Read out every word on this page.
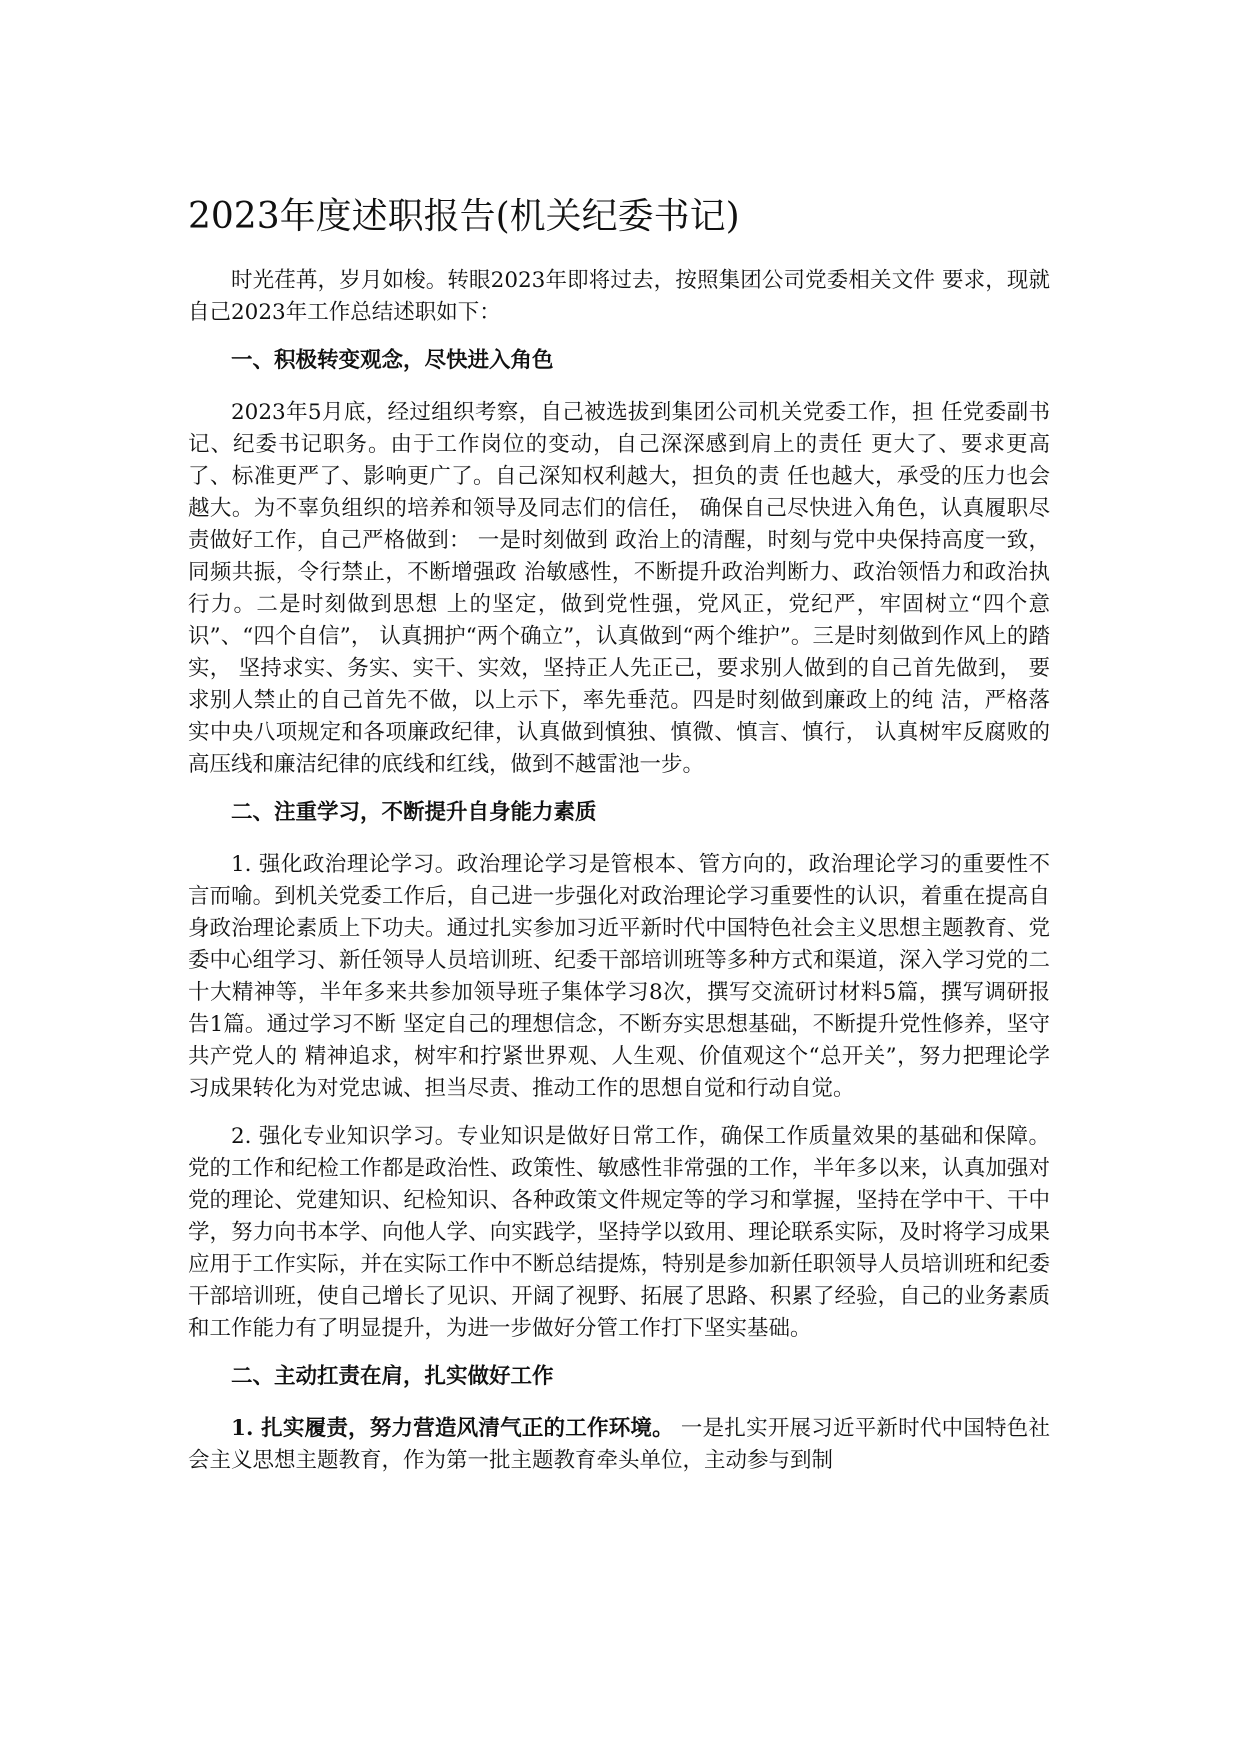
2023年度述职报告(机关纪委书记)

时光荏苒，岁月如梭。转眼2023年即将过去，按照集团公司党委相关文件 要求，现就自己2023年工作总结述职如下：

一、积极转变观念，尽快进入角色

2023年5月底，经过组织考察，自己被选拔到集团公司机关党委工作，担 任党委副书记、纪委书记职务。由于工作岗位的变动，自己深深感到肩上的责任 更大了、要求更高了、标准更严了、影响更广了。自己深知权利越大，担负的责 任也越大，承受的压力也会越大。为不辜负组织的培养和领导及同志们的信任， 确保自己尽快进入角色，认真履职尽责做好工作，自己严格做到： 一是时刻做到 政治上的清醒，时刻与党中央保持高度一致，同频共振，令行禁止，不断增强政 治敏感性，不断提升政治判断力、政治领悟力和政治执行力。二是时刻做到思想 上的坚定，做到党性强，党风正，党纪严，牢固树立“四个意识”、“四个自信”， 认真拥护“两个确立”，认真做到“两个维护”。三是时刻做到作风上的踏实， 坚持求实、务实、实干、实效，坚持正人先正己，要求别人做到的自己首先做到， 要求别人禁止的自己首先不做，以上示下，率先垂范。四是时刻做到廉政上的纯 洁，严格落实中央八项规定和各项廉政纪律，认真做到慎独、慎微、慎言、慎行， 认真树牢反腐败的高压线和廉洁纪律的底线和红线，做到不越雷池一步。

二、注重学习，不断提升自身能力素质

1. 强化政治理论学习。政治理论学习是管根本、管方向的，政治理论学习的重要性不言而喻。到机关党委工作后，自己进一步强化对政治理论学习重要性的认识，着重在提高自身政治理论素质上下功夫。通过扎实参加习近平新时代中国特色社会主义思想主题教育、党委中心组学习、新任领导人员培训班、纪委干部培训班等多种方式和渠道，深入学习党的二十大精神等，半年多来共参加领导班子集体学习8次，撰写交流研讨材料5篇，撰写调研报告1篇。通过学习不断 坚定自己的理想信念，不断夯实思想基础，不断提升党性修养，坚守共产党人的 精神追求，树牢和拧紧世界观、人生观、价值观这个“总开关”，努力把理论学 习成果转化为对党忠诚、担当尽责、推动工作的思想自觉和行动自觉。

2. 强化专业知识学习。专业知识是做好日常工作，确保工作质量效果的基础和保障。党的工作和纪检工作都是政治性、政策性、敏感性非常强的工作，半年多以来，认真加强对党的理论、党建知识、纪检知识、各种政策文件规定等的学习和掌握，坚持在学中干、干中学，努力向书本学、向他人学、向实践学，坚持学以致用、理论联系实际，及时将学习成果应用于工作实际，并在实际工作中不断总结提炼，特别是参加新任职领导人员培训班和纪委干部培训班，使自己增长了见识、开阔了视野、拓展了思路、积累了经验，自己的业务素质和工作能力有了明显提升，为进一步做好分管工作打下坚实基础。

二、主动扛责在肩，扎实做好工作

1. 扎实履责，努力营造风清气正的工作环境。 一是扎实开展习近平新时代中国特色社会主义思想主题教育，作为第一批主题教育牵头单位，主动参与到制
